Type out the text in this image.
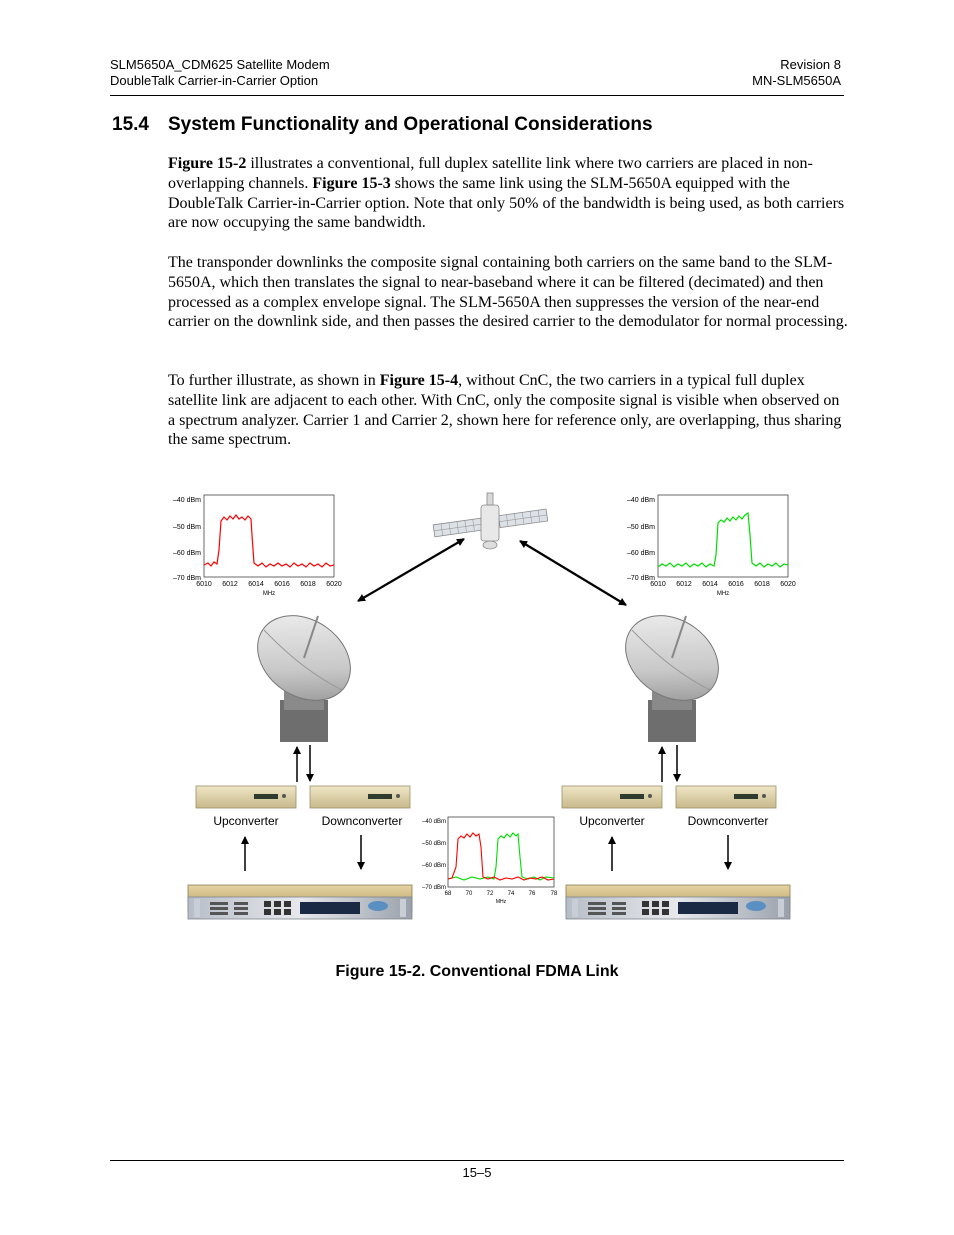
SLM5650A_CDM625 Satellite Modem
DoubleTalk Carrier-in-Carrier Option
Revision 8
MN-SLM5650A
15.4 System Functionality and Operational Considerations
Figure 15-2 illustrates a conventional, full duplex satellite link where two carriers are placed in non-overlapping channels. Figure 15-3 shows the same link using the SLM-5650A equipped with the DoubleTalk Carrier-in-Carrier option. Note that only 50% of the bandwidth is being used, as both carriers are now occupying the same bandwidth.
The transponder downlinks the composite signal containing both carriers on the same band to the SLM-5650A, which then translates the signal to near-baseband where it can be filtered (decimated) and then processed as a complex envelope signal. The SLM-5650A then suppresses the version of the near-end carrier on the downlink side, and then passes the desired carrier to the demodulator for normal processing.
To further illustrate, as shown in Figure 15-4, without CnC, the two carriers in a typical full duplex satellite link are adjacent to each other. With CnC, only the composite signal is visible when observed on a spectrum analyzer. Carrier 1 and Carrier 2, shown here for reference only, are overlapping, thus sharing the same spectrum.
–40 dBm
–50 dBm
–60 dBm
–70 dBm
6010 6012 6014 6016 6018 6020
MHz
–40 dBm
–50 dBm
–60 dBm
–70 dBm
6010 6012 6014 6016 6018 6020
MHz
Upconverter	Downconverter	Upconverter	Downconverter
–40 dBm
–50 dBm
–60 dBm
–70 dBm
68 70 72 74 76	78
MHz
Figure 15-2. Conventional FDMA Link
15–5
